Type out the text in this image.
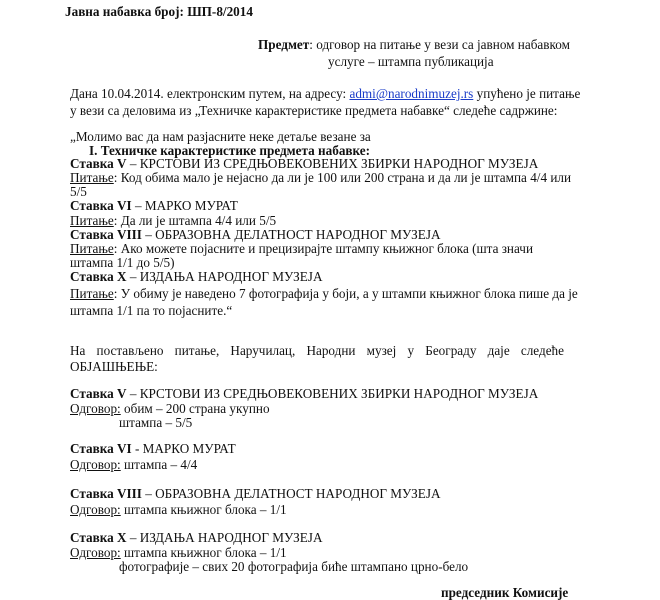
Јавна набавка број: ШП-8/2014
Предмет: одговор на питање у вези са јавном набавком
услуге – штампа публикација
Дана 10.04.2014. електронским путем, на адресу: admi@narodnimuzej.rs упућено је питање
у вези са деловима из „Техничке карактеристике предмета набавке“ следеће садржине:
„Молимо вас да нам разјасните неке детаље везане за
I. Техничке карактеристике предмета набавке:
Ставка V – КРСТОВИ ИЗ СРЕДЊОВЕКОВЕНИХ ЗБИРКИ НАРОДНОГ МУЗЕЈА
Питање: Код обима мало је нејасно да ли је 100 или 200 страна и да ли је штампа 4/4 или
5/5
Ставка VI – МАРКО МУРАТ
Питање: Да ли је штампа 4/4 или 5/5
Ставка VIII – ОБРАЗОВНА ДЕЛАТНОСТ НАРОДНОГ МУЗЕЈА
Питање: Ако можете појасните и прецизирајте штампу књижног блока (шта значи
штампа 1/1 до 5/5)
Ставка X – ИЗДАЊА НАРОДНОГ МУЗЕЈА
Питање: У обиму је наведено 7 фотографија у боји, а у штампи књижног блока пише да је
штампа 1/1 па то појасните.“
На постављено питање, Наручилац, Народни музеј у Београду даје следеће
ОБЈАШЊЕЊЕ:
Ставка V – КРСТОВИ ИЗ СРЕДЊОВЕКОВЕНИХ ЗБИРКИ НАРОДНОГ МУЗЕЈА
Одговор: обим – 200 страна укупно
штампа – 5/5
Ставка VI - МАРКО МУРАТ
Одговор: штампа – 4/4
Ставка VIII – ОБРАЗОВНА ДЕЛАТНОСТ НАРОДНОГ МУЗЕЈА
Одговор: штампа књижног блока – 1/1
Ставка X – ИЗДАЊА НАРОДНОГ МУЗЕЈА
Одговор: штампа књижног блока – 1/1
фотографије – свих 20 фотографија биће штампано црно-бело
председник Комисије
